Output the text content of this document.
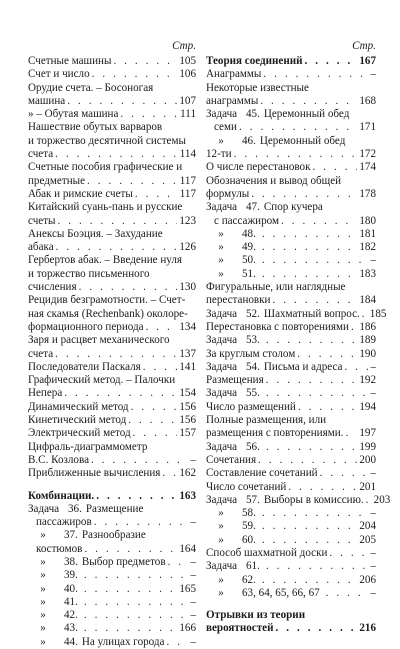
Стр.
Счетные машины . . .	105
Счет и число . . .	106
Орудие счета. – Босоногая
машина . . .	107
» – Обутая машина . . .	111
Нашествие обутых варваров
и торжество десятичной системы
счета . . .	114
Счетные пособия графические и
предметные . . .	117
Абак и римские счеты . . .	117
Китайский суань-пань и русские
счеты . . .	123
Анексы Боэция. – Захудание
абака . . .	126
Гербертов абак. – Введение нуля
и торжество письменного
счисления . . .	130
Рецидив безграмотности. – Счет-
ная скамья (Rechenbank) околоре-
формационного периода . . .	134
Заря и расцвет механического
счета . . .	137
Последователи Паскаля . . .	141
Графический метод. – Палочки
Непера . . .	154
Динамический метод . . .	156
Кинетический метод . . .	156
Электрический метод . . .	157
Цифраль-диаграммометр
В.С. Козлова . . .	–
Приближенные вычисления . . . 162
Комбинации. . . .	163
Задача 36. Размещение
пассажиров . . .	–
»	37. Разнообразие
костюмов . . .	164
»	38. Выбор предметов . . . –
»	39. . . .	–
»	40. . . .	165
»	41. . . .	–
»	42. . . .	–
»	43. . . .	166
»	44. На улицах города . . . –
Стр.
Теория соединений . . .	167
Анаграммы . . .	–
Некоторые известные
анаграммы . . .	168
Задача 45. Церемонный обед
семи . . .	171
»	46. Церемонный обед
12-ти . . .	172
О числе перестановок . . .	174
Обозначения и вывод общей
формулы . . .	178
Задача 47. Спор кучера
с пассажиром . . .	180
»	48. . . .	181
»	49. . . .	182
»	50. . . .	–
»	51. . . .	183
Фигуральные, или наглядные
перестановки . . .	184
Задача 52. Шахматный вопрос. . . . 185
Перестановка с повторениями . . . 186
Задача 53. . . .	189
За круглым столом . . .	190
Задача 54. Письма и адреса . . .	–
Размещения . . .	192
Задача 55. . . .	–
Число размещений . . .	194
Полные размещения, или
размещения с повторениями. . . . 197
Задача 56. . . .	199
Сочетания . . .	200
Составление сочетаний . . .	–
Число сочетаний . . .	201
Задача 57. Выборы в комиссию. . . . 203
»	58. . . .	–
»	59. . . .	204
»	60. . . .	205
Способ шахматной доски . . .	–
Задача 61. . . .	–
»	62. . . .	206
»	63, 64, 65, 66, 67 . . .	–
Отрывки из теории
вероятностей . . .	216
